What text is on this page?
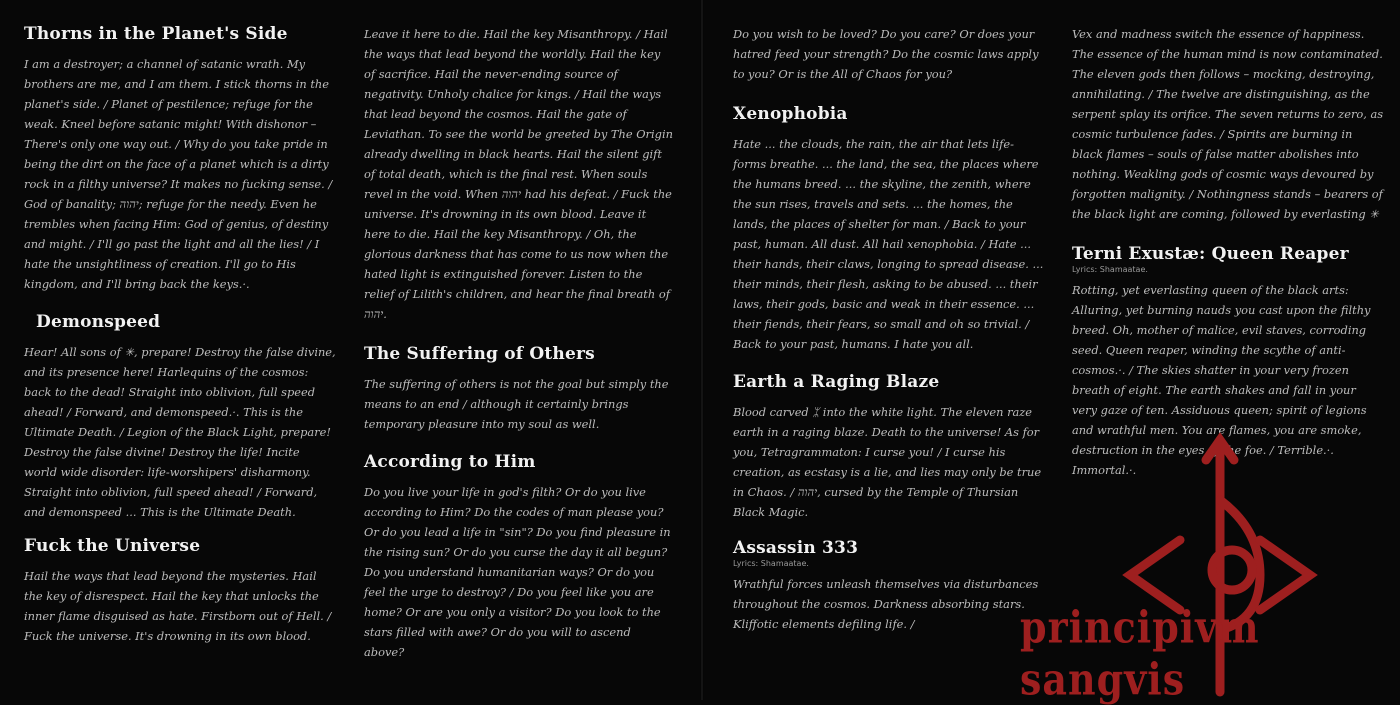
Thorns in the Planet's Side

I am a destroyer; a channel of satanic wrath. My brothers are me, and I am them. I stick thorns in the planet's side. / Planet of pestilence; refuge for the weak. Kneel before satanic might! With dishonor – There's only one way out. / Why do you take pride in being the dirt on the face of a planet which is a dirty rock in a filthy universe? It makes no fucking sense. / God of banality; יהוה; refuge for the needy. Even he trembles when facing Him: God of genius, of destiny and might. / I'll go past the light and all the lies! / I hate the unsightliness of creation. I'll go to His kingdom, and I'll bring back the keys.·.

Demonspeed

Hear! All sons of ✳, prepare! Destroy the false divine, and its presence here! Harlequins of the cosmos: back to the dead! Straight into oblivion, full speed ahead! / Forward, and demonspeed.·. This is the Ultimate Death. / Legion of the Black Light, prepare! Destroy the false divine! Destroy the life! Incite world wide disorder: life-worshipers' disharmony. Straight into oblivion, full speed ahead! / Forward, and demonspeed ... This is the Ultimate Death.

Fuck the Universe

Hail the ways that lead beyond the mysteries. Hail the key of disrespect. Hail the key that unlocks the inner flame disguised as hate. Firstborn out of Hell. / Fuck the universe. It's drowning in its own blood.

Leave it here to die. Hail the key Misanthropy. / Hail the ways that lead beyond the worldly. Hail the key of sacrifice. Hail the never-ending source of negativity. Unholy chalice for kings. / Hail the ways that lead beyond the cosmos. Hail the gate of Leviathan. To see the world be greeted by The Origin already dwelling in black hearts. Hail the silent gift of total death, which is the final rest. When souls revel in the void. When יהוה had his defeat. / Fuck the universe. It's drowning in its own blood. Leave it here to die. Hail the key Misanthropy. / Oh, the glorious darkness that has come to us now when the hated light is extinguished forever. Listen to the relief of Lilith's children, and hear the final breath of יהוה.

The Suffering of Others

The suffering of others is not the goal but simply the means to an end / although it certainly brings temporary pleasure into my soul as well.

According to Him

Do you live your life in god's filth? Or do you live according to Him? Do the codes of man please you? Or do you lead a life in "sin"? Do you find pleasure in the rising sun? Or do you curse the day it all begun? Do you understand humanitarian ways? Or do you feel the urge to destroy? / Do you feel like you are home? Or are you only a visitor? Do you look to the stars filled with awe? Or do you will to ascend above?

Do you wish to be loved? Do you care? Or does your hatred feed your strength? Do the cosmic laws apply to you? Or is the All of Chaos for you?

Xenophobia

Hate ... the clouds, the rain, the air that lets life-forms breathe. ... the land, the sea, the places where the humans breed. ... the skyline, the zenith, where the sun rises, travels and sets. ... the homes, the lands, the places of shelter for man. / Back to your past, human. All dust. All hail xenophobia. / Hate ... their hands, their claws, longing to spread disease. ... their minds, their flesh, asking to be abused. ... their laws, their gods, basic and weak in their essence. ... their fiends, their fears, so small and oh so trivial. / Back to your past, humans. I hate you all.

Earth a Raging Blaze

Blood carved ᛯ into the white light. The eleven raze earth in a raging blaze. Death to the universe! As for you, Tetragrammaton: I curse you! / I curse his creation, as ecstasy is a lie, and lies may only be true in Chaos. / יהוה, cursed by the Temple of Thursian Black Magic.

Assassin 333
Lyrics: Shamaatae.

Wrathful forces unleash themselves via disturbances throughout the cosmos. Darkness absorbing stars. Kliffotic elements defiling life. /

Vex and madness switch the essence of happiness. The essence of the human mind is now contaminated. The eleven gods then follows – mocking, destroying, annihilating. / The twelve are distinguishing, as the serpent splay its orifice. The seven returns to zero, as cosmic turbulence fades. / Spirits are burning in black flames – souls of false matter abolishes into nothing. Weakling gods of cosmic ways devoured by forgotten malignity. / Nothingness stands – bearers of the black light are coming, followed by everlasting ✳

Terni Exustæ: Queen Reaper
Lyrics: Shamaatae.

Rotting, yet everlasting queen of the black arts: Alluring, yet burning nauds you cast upon the filthy breed. Oh, mother of malice, evil staves, corroding seed. Queen reaper, winding the scythe of anti-cosmos.·. / The skies shatter in your very frozen breath of eight. The earth shakes and fall in your very gaze of ten. Assiduous queen; spirit of legions and wrathful men. You are flames, you are smoke, destruction in the eyes of the foe. / Terrible.·. Immortal.·.

principivm sangvis
